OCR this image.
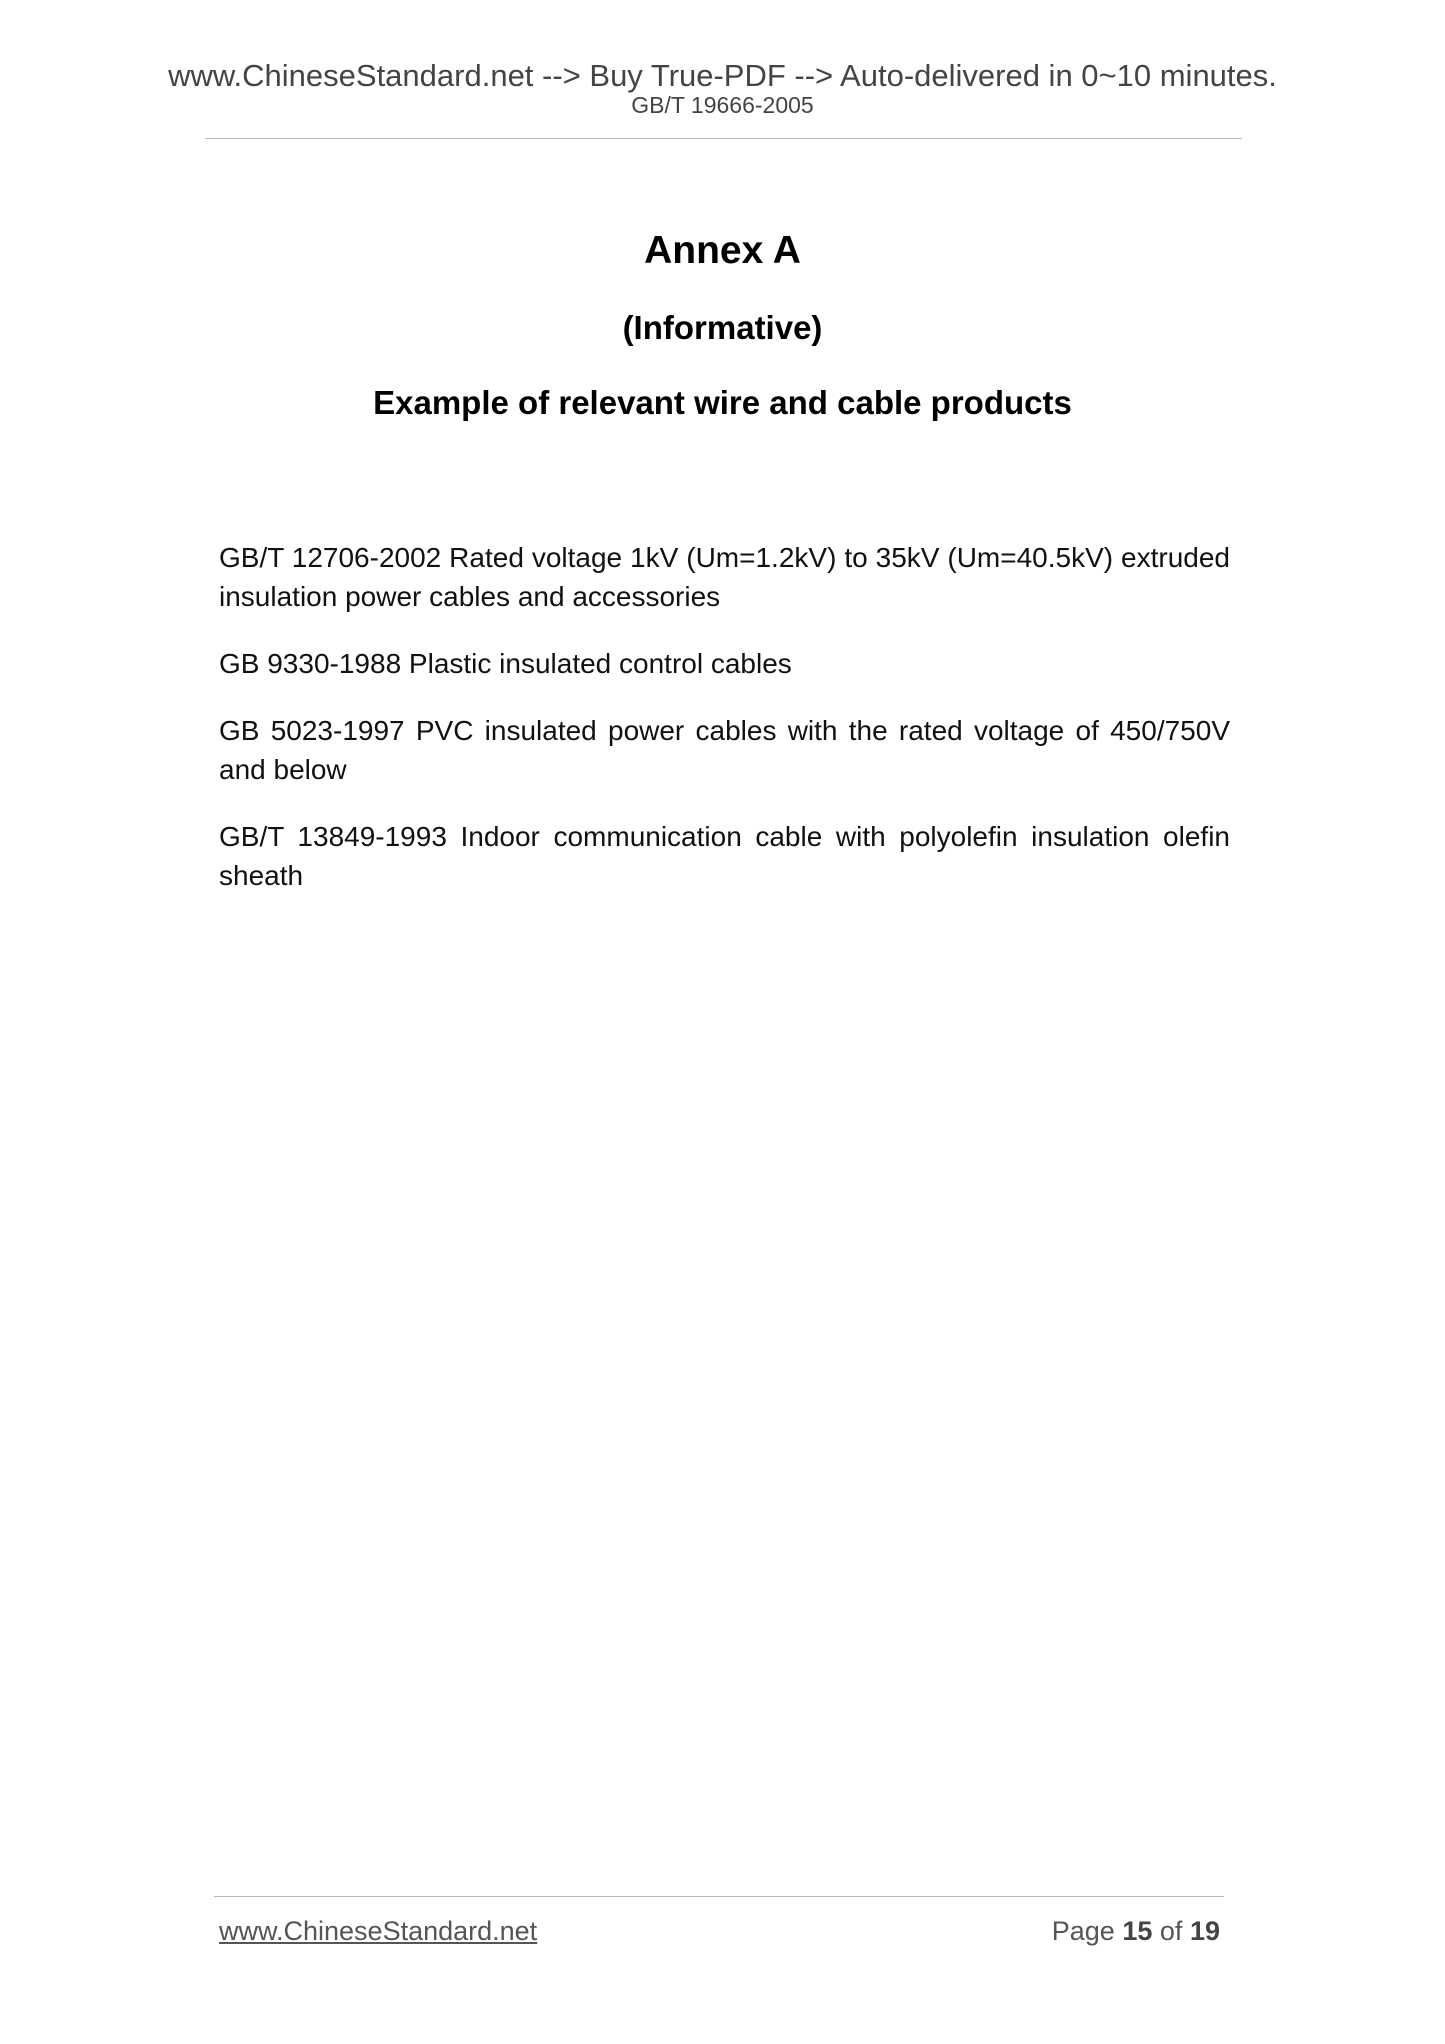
www.ChineseStandard.net --> Buy True-PDF --> Auto-delivered in 0~10 minutes.
GB/T 19666-2005
Annex A
(Informative)
Example of relevant wire and cable products
GB/T 12706-2002 Rated voltage 1kV (Um=1.2kV) to 35kV (Um=40.5kV) extruded insulation power cables and accessories
GB 9330-1988 Plastic insulated control cables
GB 5023-1997 PVC insulated power cables with the rated voltage of 450/750V and below
GB/T 13849-1993 Indoor communication cable with polyolefin insulation olefin sheath
www.ChineseStandard.net	Page 15 of 19
